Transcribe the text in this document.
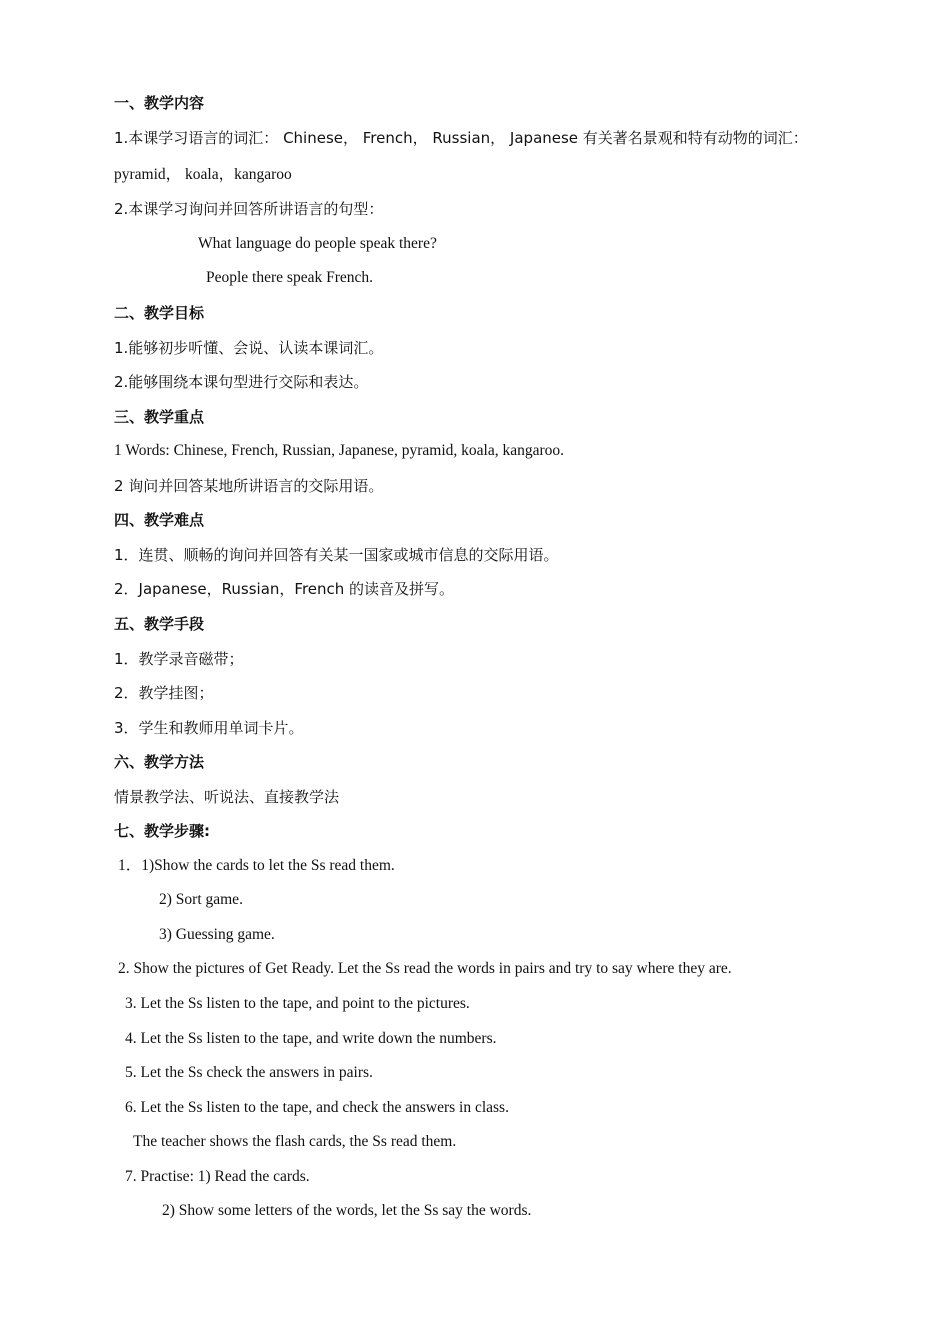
一、教学内容
1.本课学习语言的词汇： Chinese， French， Russian， Japanese 有关著名景观和特有动物的词汇：
pyramid， koala，kangaroo
2.本课学习询问并回答所讲语言的句型：
What language do people speak there?
People there speak French.
二、教学目标
1.能够初步听懂、会说、认读本课词汇。
2.能够围绕本课句型进行交际和表达。
三、教学重点
1 Words: Chinese, French, Russian, Japanese, pyramid, koala, kangaroo.
2 询问并回答某地所讲语言的交际用语。
四、教学难点
1．连贯、顺畅的询问并回答有关某一国家或城市信息的交际用语。
2．Japanese，Russian，French 的读音及拼写。
五、教学手段
1．教学录音磁带；
2．教学挂图；
3．学生和教师用单词卡片。
六、教学方法
情景教学法、听说法、直接教学法
七、教学步骤:
1．1)Show the cards to let the Ss read them.
2) Sort game.
3) Guessing game.
2. Show the pictures of Get Ready. Let the Ss read the words in pairs and try to say where they are.
3. Let the Ss listen to the tape, and point to the pictures.
4. Let the Ss listen to the tape, and write down the numbers.
5. Let the Ss check the answers in pairs.
6. Let the Ss listen to the tape, and check the answers in class.
The teacher shows the flash cards, the Ss read them.
7. Practise: 1) Read the cards.
2) Show some letters of the words, let the Ss say the words.
